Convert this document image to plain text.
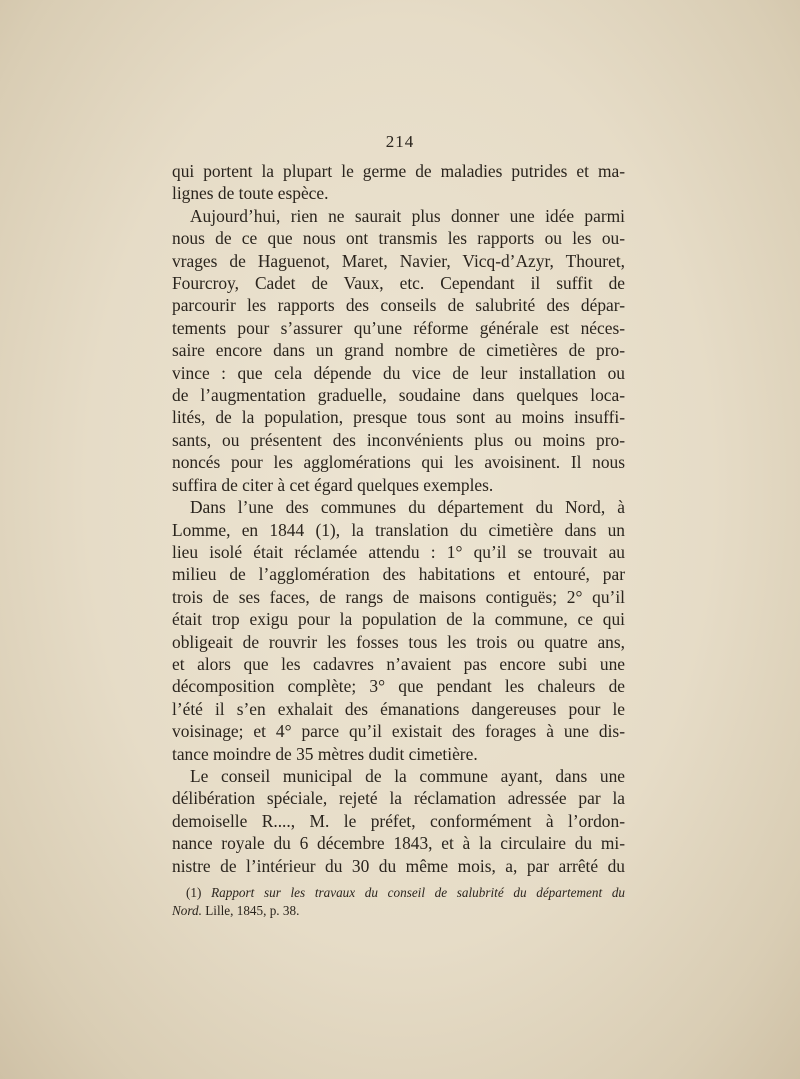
214

qui portent la plupart le germe de maladies putrides et ma-

lignes de toute espèce.

Aujourd’hui, rien ne saurait plus donner une idée parmi

nous de ce que nous ont transmis les rapports ou les ou-

vrages de Haguenot, Maret, Navier, Vicq-d’Azyr, Thouret,

Fourcroy, Cadet de Vaux, etc. Cependant il suffit de

parcourir les rapports des conseils de salubrité des dépar-

tements pour s’assurer qu’une réforme générale est néces-

saire encore dans un grand nombre de cimetières de pro-

vince : que cela dépende du vice de leur installation ou

de l’augmentation graduelle, soudaine dans quelques loca-

lités, de la population, presque tous sont au moins insuffi-

sants, ou présentent des inconvénients plus ou moins pro-

noncés pour les agglomérations qui les avoisinent. Il nous

suffira de citer à cet égard quelques exemples.

Dans l’une des communes du département du Nord, à

Lomme, en 1844 (1), la translation du cimetière dans un

lieu isolé était réclamée attendu : 1° qu’il se trouvait au

milieu de l’agglomération des habitations et entouré, par

trois de ses faces, de rangs de maisons contiguës; 2° qu’il

était trop exigu pour la population de la commune, ce qui

obligeait de rouvrir les fosses tous les trois ou quatre ans,

et alors que les cadavres n’avaient pas encore subi une

décomposition complète; 3° que pendant les chaleurs de

l’été il s’en exhalait des émanations dangereuses pour le

voisinage; et 4° parce qu’il existait des forages à une dis-

tance moindre de 35 mètres dudit cimetière.

Le conseil municipal de la commune ayant, dans une

délibération spéciale, rejeté la réclamation adressée par la

demoiselle R...., M. le préfet, conformément à l’ordon-

nance royale du 6 décembre 1843, et à la circulaire du mi-

nistre de l’intérieur du 30 du même mois, a, par arrêté du

(1) Rapport sur les travaux du conseil de salubrité du département du

Nord. Lille, 1845, p. 38.
